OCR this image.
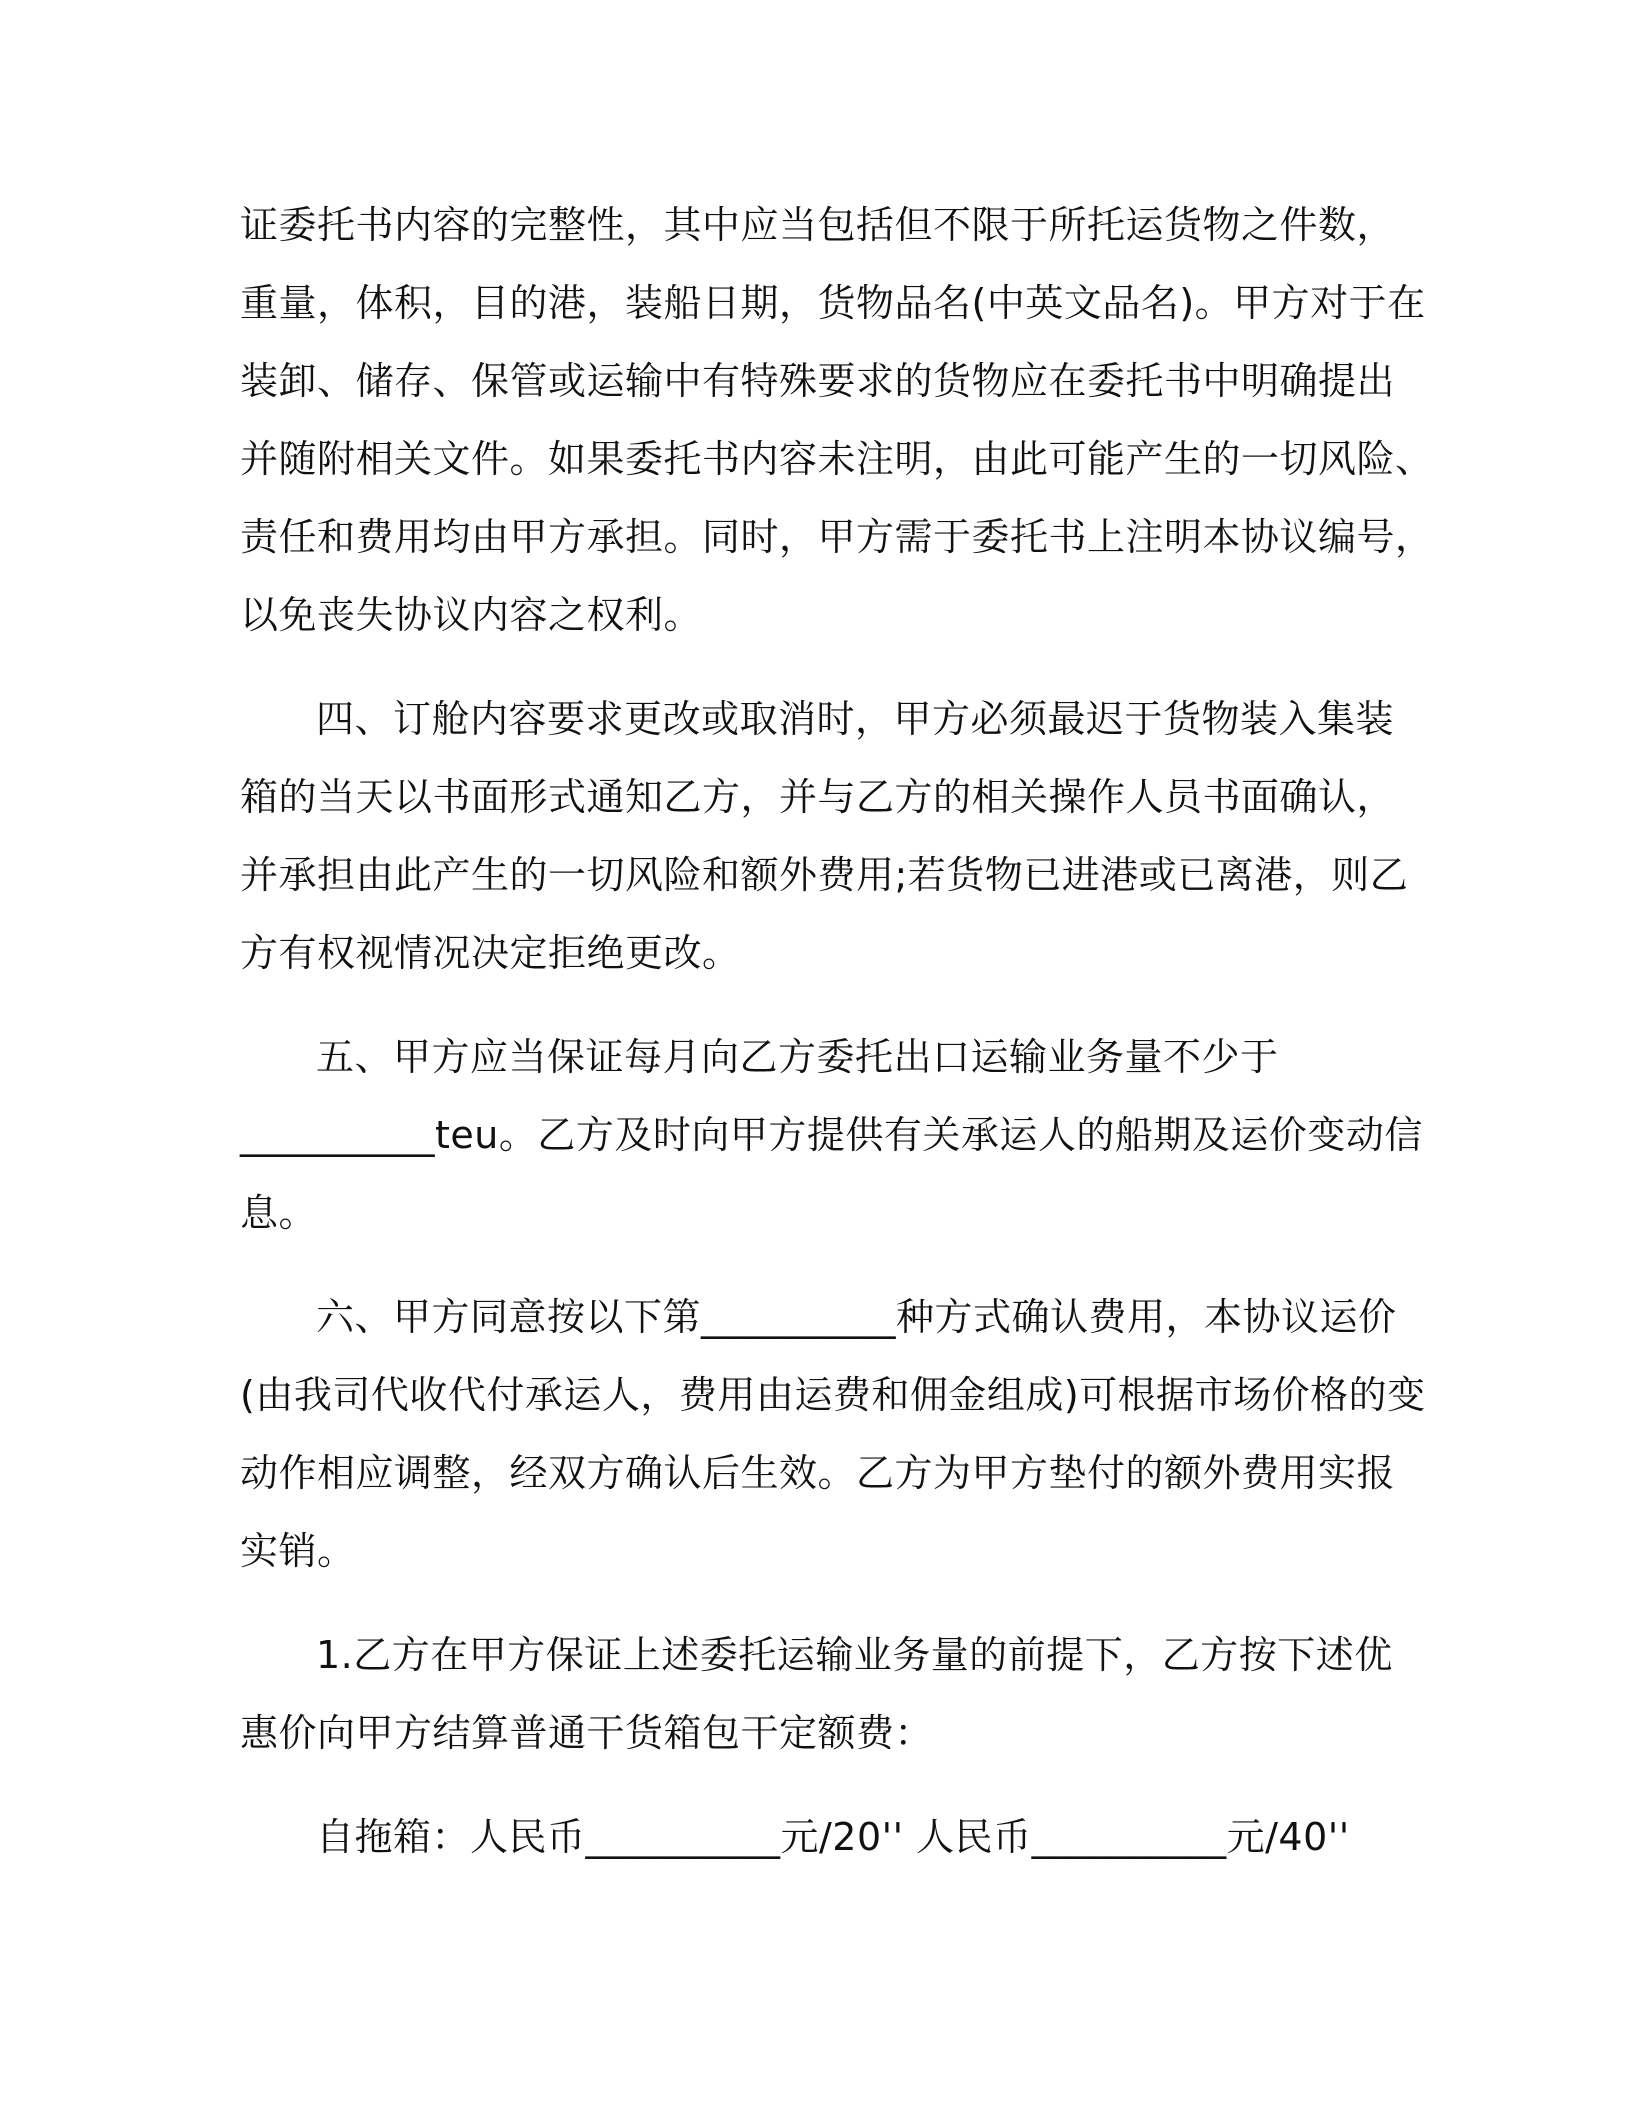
证委托书内容的完整性，其中应当包括但不限于所托运货物之件数，
重量，体积，目的港，装船日期，货物品名(中英文品名)。甲方对于在
装卸、储存、保管或运输中有特殊要求的货物应在委托书中明确提出
并随附相关文件。如果委托书内容未注明，由此可能产生的一切风险、
责任和费用均由甲方承担。同时，甲方需于委托书上注明本协议编号，
以免丧失协议内容之权利。
四、订舱内容要求更改或取消时，甲方必须最迟于货物装入集装
箱的当天以书面形式通知乙方，并与乙方的相关操作人员书面确认，
并承担由此产生的一切风险和额外费用;若货物已进港或已离港，则乙
方有权视情况决定拒绝更改。
五、甲方应当保证每月向乙方委托出口运输业务量不少于
__________teu。乙方及时向甲方提供有关承运人的船期及运价变动信
息。
六、甲方同意按以下第__________种方式确认费用，本协议运价
(由我司代收代付承运人，费用由运费和佣金组成)可根据市场价格的变
动作相应调整，经双方确认后生效。乙方为甲方垫付的额外费用实报
实销。
1.乙方在甲方保证上述委托运输业务量的前提下，乙方按下述优
惠价向甲方结算普通干货箱包干定额费：
自拖箱：人民币__________元/20'' 人民币__________元/40''
